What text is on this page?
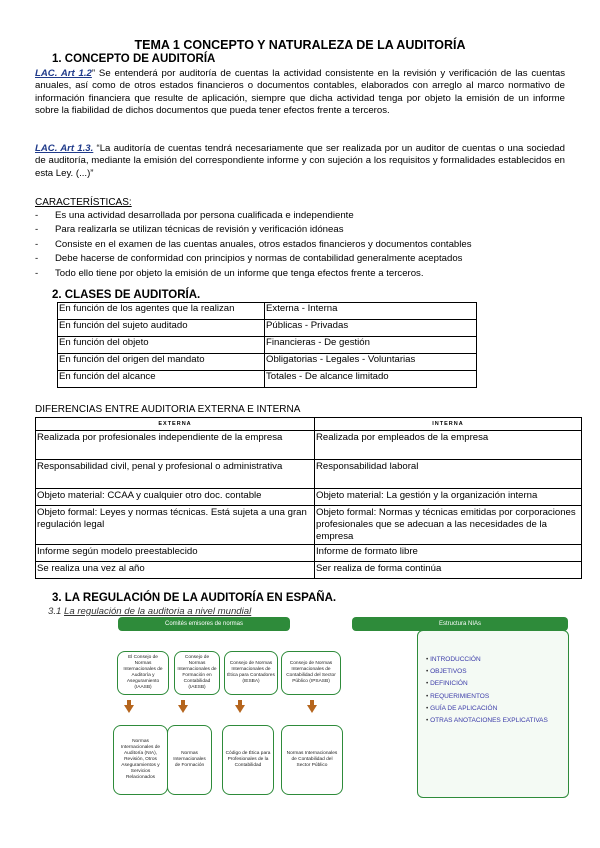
TEMA 1 CONCEPTO Y NATURALEZA DE LA AUDITORÍA
1. CONCEPTO DE AUDITORÍA
LAC. Art 1.2” Se entenderá por auditoría de cuentas la actividad consistente en la revisión y verificación de las cuentas anuales, así como de otros estados financieros o documentos contables, elaborados con arreglo al marco normativo de información financiera que resulte de aplicación, siempre que dicha actividad tenga por objeto la emisión de un informe sobre la fiabilidad de dichos documentos que pueda tener efectos frente a terceros.
LAC. Art 1.3. “La auditoría de cuentas tendrá necesariamente que ser realizada por un auditor de cuentas o una sociedad de auditoría, mediante la emisión del correspondiente informe y con sujeción a los requisitos y formalidades establecidos en esta Ley. (...)”
CARACTERÍSTICAS:
- Es una actividad desarrollada por persona cualificada e independiente
- Para realizarla se utilizan técnicas de revisión y verificación idóneas
- Consiste en el examen de las cuentas anuales, otros estados financieros y documentos contables
- Debe hacerse de conformidad con principios y normas de contabilidad generalmente aceptados
- Todo ello tiene por objeto la emisión de un informe que tenga efectos frente a terceros.
2. CLASES DE AUDITORÍA.
En función de los agentes que la realizan	Externa - Interna
En función del sujeto auditado	Públicas - Privadas
En función del objeto	Financieras - De gestión
En función del origen del mandato	Obligatorias - Legales - Voluntarias
En función del alcance	Totales - De alcance limitado
DIFERENCIAS ENTRE AUDITORIA EXTERNA E INTERNA
EXTERNA	INTERNA
Realizada por profesionales independiente de la empresa	Realizada por empleados de la empresa
Responsabilidad civil, penal y profesional o administrativa	Responsabilidad laboral
Objeto material: CCAA y cualquier otro doc. contable	Objeto material: La gestión y la organización interna
Objeto formal: Leyes y normas técnicas. Está sujeta a una gran regulación legal	Objeto formal: Normas y técnicas emitidas por corporaciones profesionales que se adecuan a las necesidades de la empresa
Informe según modelo preestablecido	Informe de formato libre
Se realiza una vez al año	Ser realiza de forma continúa
3. LA REGULACIÓN DE LA AUDITORÍA EN ESPAÑA.
3.1 La regulación de la auditoria a nivel mundial
Comités emisores de normas	Estructura NIAs
El Consejo de Normas Internacionales de Auditoría y Aseguramiento (IAASB)
Consejo de Normas Internacionales de Formación en Contabilidad (IAESB)
Consejo de Normas Internacionales de Ética para Contadores (IESBA)
Consejo de Normas Internacionales de Contabilidad del Sector Público (IPSASB)
Normas Internacionales de Auditoría (NIA), Revisión, Otros Aseguramientos y Servicios Relacionados
Normas Internacionales de Formación
Código de Ética para Profesionales de la Contabilidad
Normas Internacionales de Contabilidad del Sector Público
• INTRODUCCIÓN
• OBJETIVOS
• DEFINICIÓN
• REQUERIMIENTOS
• GUÍA DE APLICACIÓN
• OTRAS ANOTACIONES EXPLICATIVAS
